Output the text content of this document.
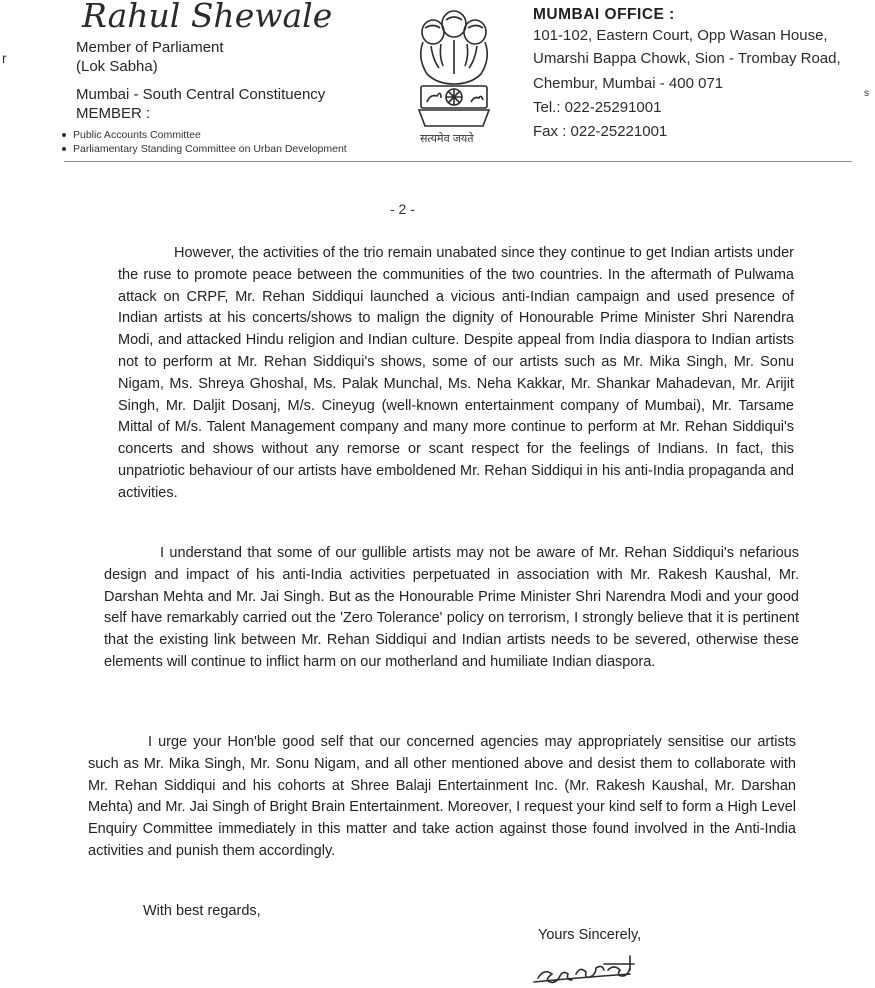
Rahul Shewale
Member of Parliament
(Lok Sabha)
Mumbai - South Central Constituency
MEMBER :
Public Accounts Committee
Parliamentary Standing Committee on Urban Development
सत्यमेव जयते
MUMBAI OFFICE :
101-102, Eastern Court, Opp Wasan House,
Umarshi Bappa Chowk, Sion - Trombay Road,
Chembur, Mumbai - 400 071
Tel.: 022-25291001
Fax : 022-25221001
r
s
- 2 -
However, the activities of the trio remain unabated since they continue to get Indian artists under the ruse to promote peace between the communities of the two countries. In the aftermath of Pulwama attack on CRPF, Mr. Rehan Siddiqui launched a vicious anti-Indian campaign and used presence of Indian artists at his concerts/shows to malign the dignity of Honourable Prime Minister Shri Narendra Modi, and attacked Hindu religion and Indian culture. Despite appeal from India diaspora to Indian artists not to perform at Mr. Rehan Siddiqui's shows, some of our artists such as Mr. Mika Singh, Mr. Sonu Nigam, Ms. Shreya Ghoshal, Ms. Palak Munchal, Ms. Neha Kakkar, Mr. Shankar Mahadevan, Mr. Arijit Singh, Mr. Daljit Dosanj, M/s. Cineyug (well-known entertainment company of Mumbai), Mr. Tarsame Mittal of M/s. Talent Management company and many more continue to perform at Mr. Rehan Siddiqui's concerts and shows without any remorse or scant respect for the feelings of Indians. In fact, this unpatriotic behaviour of our artists have emboldened Mr. Rehan Siddiqui in his anti-India propaganda and activities.
I understand that some of our gullible artists may not be aware of Mr. Rehan Siddiqui's nefarious design and impact of his anti-India activities perpetuated in association with Mr. Rakesh Kaushal, Mr. Darshan Mehta and Mr. Jai Singh. But as the Honourable Prime Minister Shri Narendra Modi and your good self have remarkably carried out the 'Zero Tolerance' policy on terrorism, I strongly believe that it is pertinent that the existing link between Mr. Rehan Siddiqui and Indian artists needs to be severed, otherwise these elements will continue to inflict harm on our motherland and humiliate Indian diaspora.
I urge your Hon'ble good self that our concerned agencies may appropriately sensitise our artists such as Mr. Mika Singh, Mr. Sonu Nigam, and all other mentioned above and desist them to collaborate with Mr. Rehan Siddiqui and his cohorts at Shree Balaji Entertainment Inc. (Mr. Rakesh Kaushal, Mr. Darshan Mehta) and Mr. Jai Singh of Bright Brain Entertainment. Moreover, I request your kind self to form a High Level Enquiry Committee immediately in this matter and take action against those found involved in the Anti-India activities and punish them accordingly.
With best regards,
Yours Sincerely,
